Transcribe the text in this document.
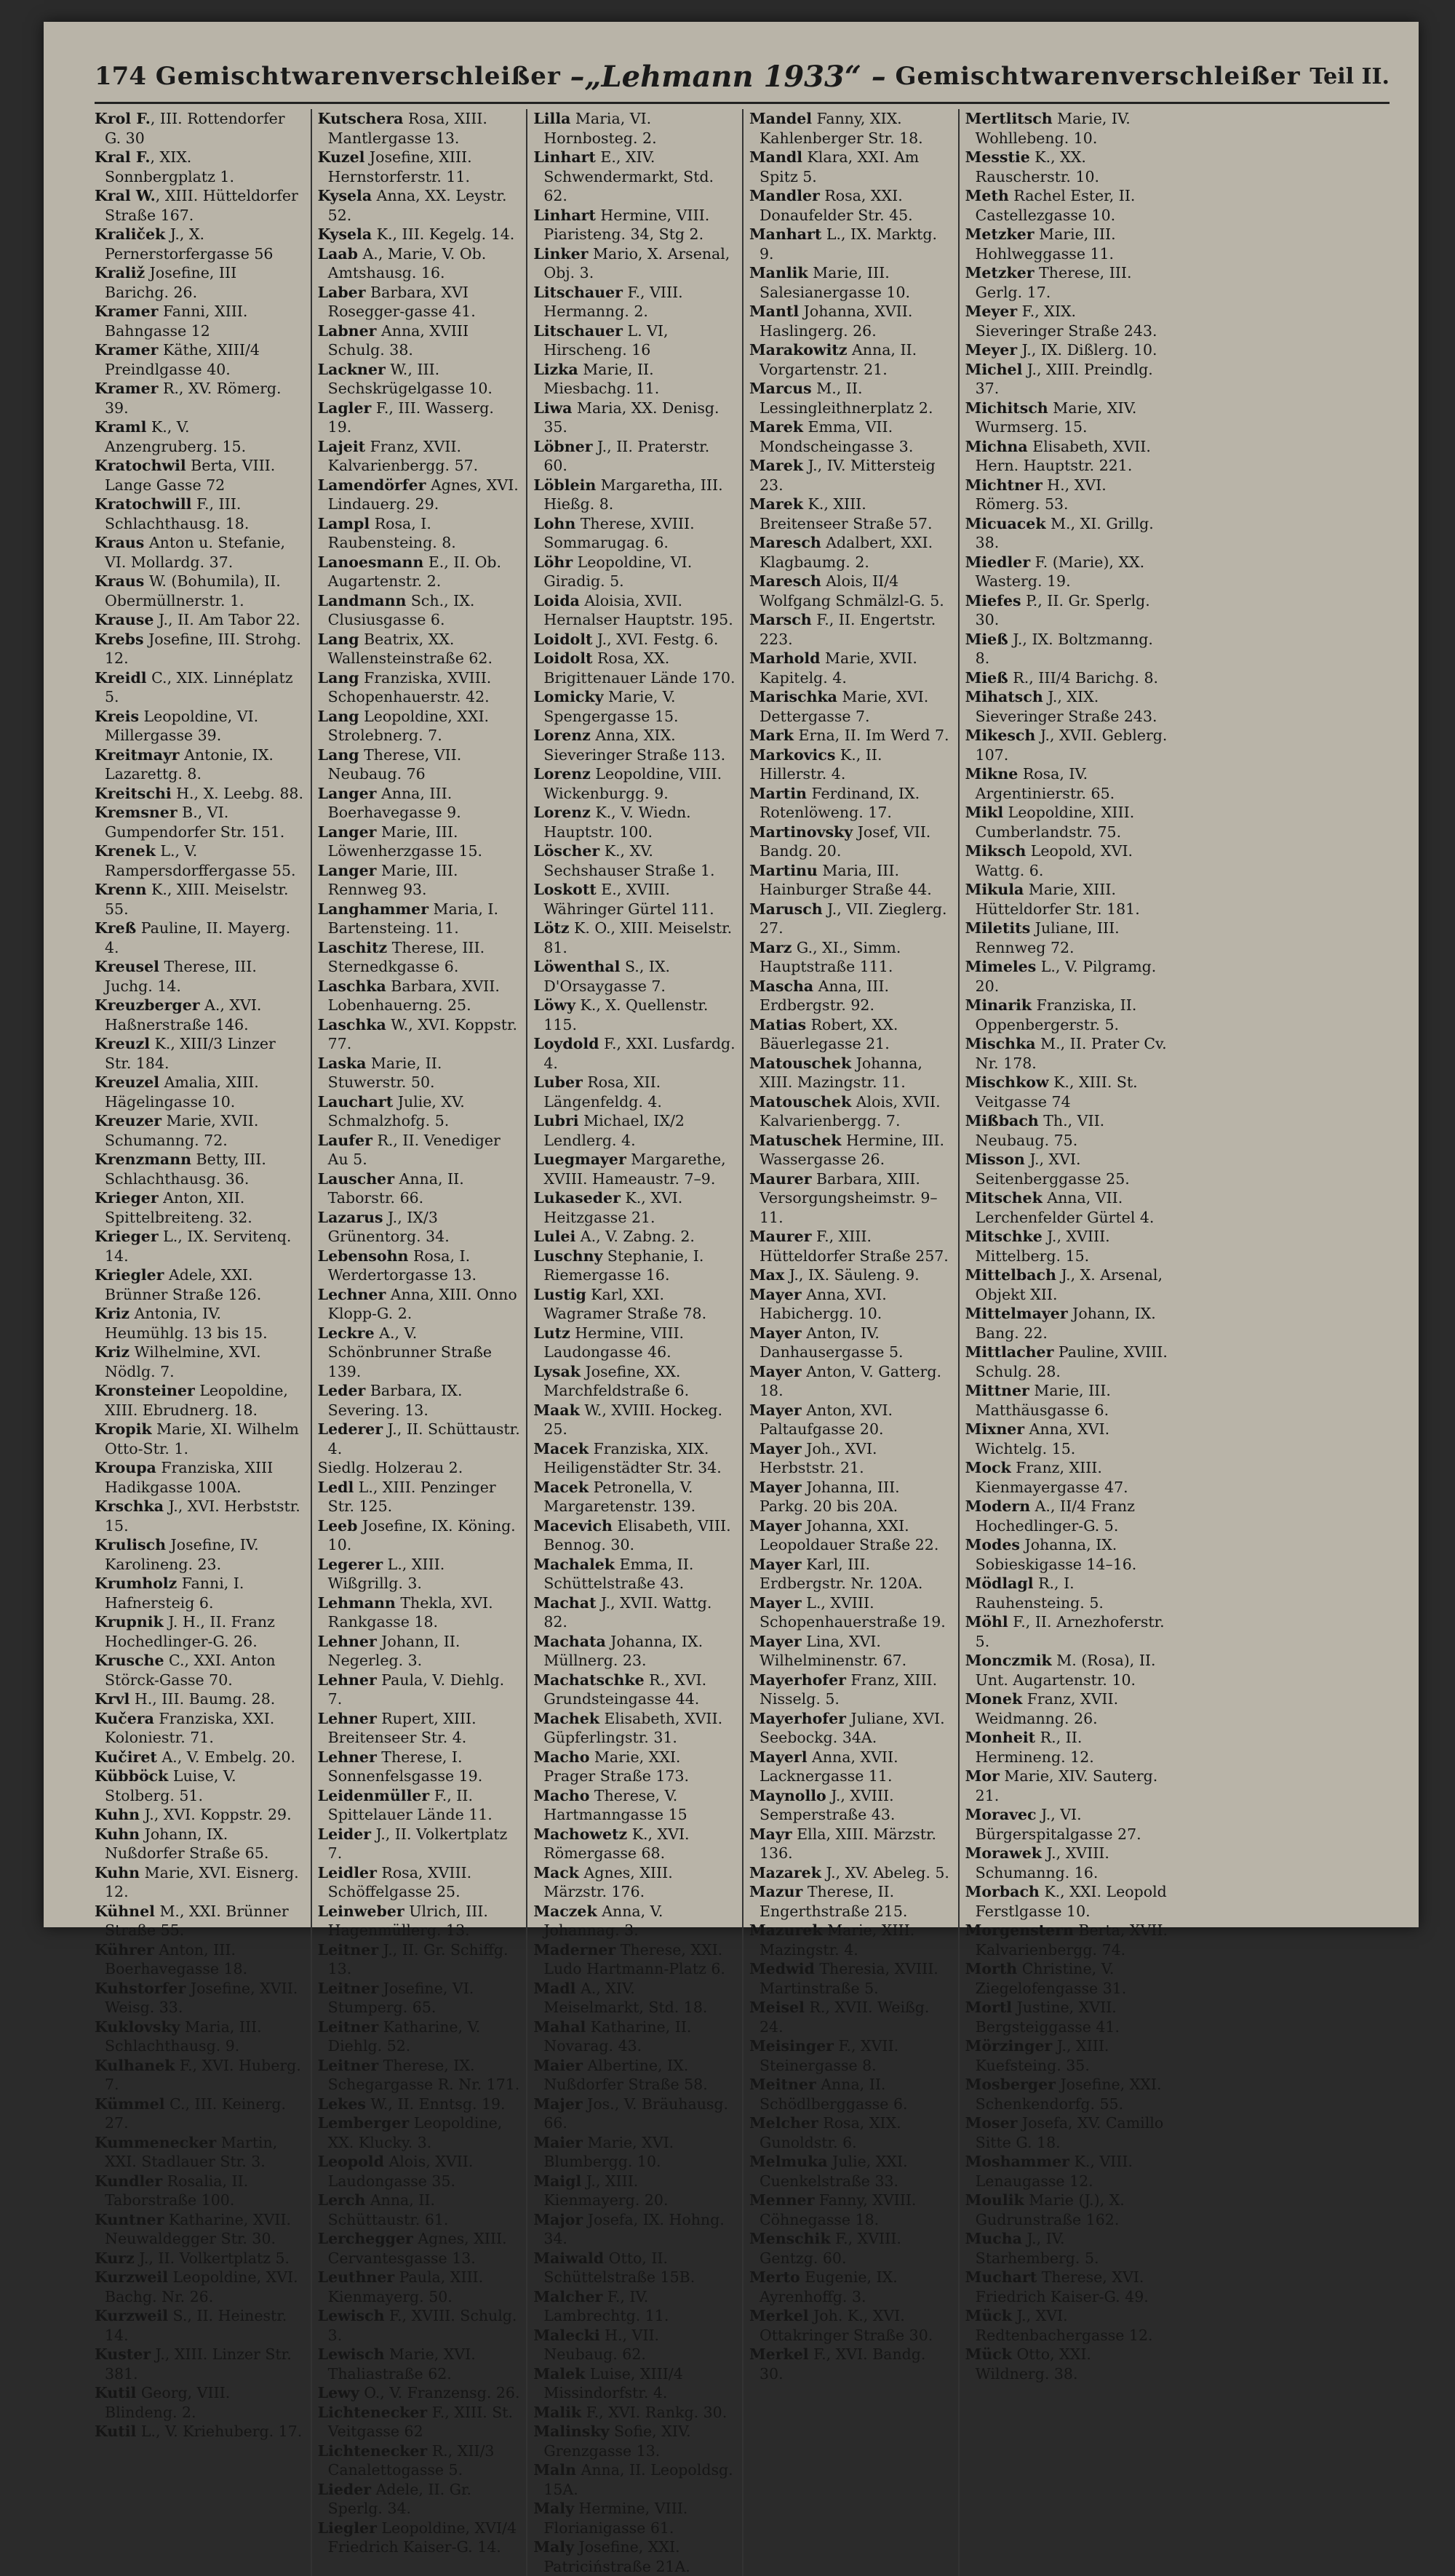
174 Gemischtwarenverschleißer –„Lehmann 1933“ – Gemischtwarenverschleißer Teil II.
Krol F., III. Rottendorfer G. 30
Kral F., XIX. Sonnbergplatz 1.
Kral W., XIII. Hütteldorfer Straße 167.
Kraliček J., X. Pernerstorfergasse 56
Kraliž Josefine, III Barichg. 26.
Kramer Fanni, XIII. Bahngasse 12
Kramer Käthe, XIII/4 Preindlgasse 40.
Kramer R., XV. Römerg. 39.
Kraml K., V. Anzengruberg. 15.
Kratochwil Berta, VIII. Lange Gasse 72
Kratochwill F., III. Schlachthausg. 18.
Kraus Anton u. Stefanie, VI. Mollardg. 37.
Kraus W. (Bohumila), II. Obermüllnerstr. 1.
Krause J., II. Am Tabor 22.
Krebs Josefine, III. Strohg. 12.
Kreidl C., XIX. Linnéplatz 5.
Kreis Leopoldine, VI. Millergasse 39.
Kreitmayr Antonie, IX. Lazarettg. 8.
Kreitschi H., X. Leebg. 88.
Kremsner B., VI. Gumpendorfer Str. 151.
Krenek L., V. Rampersdorffergasse 55.
Krenn K., XIII. Meiselstr. 55.
Kreß Pauline, II. Mayerg. 4.
Kreusel Therese, III. Juchg. 14.
Kreuzberger A., XVI. Haßnerstraße 146.
Kreuzl K., XIII/3 Linzer Str. 184.
Kreuzel Amalia, XIII. Hägelingasse 10.
Kreuzer Marie, XVII. Schumanng. 72.
Krenzmann Betty, III. Schlachthausg. 36.
Krieger Anton, XII. Spittelbreiteng. 32.
Krieger L., IX. Servitenq. 14.
Kriegler Adele, XXI. Brünner Straße 126.
Kriz Antonia, IV. Heumühlg. 13 bis 15.
Kriz Wilhelmine, XVI. Nödlg. 7.
Kronsteiner Leopoldine, XIII. Ebrudnerg. 18.
Kropik Marie, XI. Wilhelm Otto-Str. 1.
Kroupa Franziska, XIII Hadikgasse 100A.
Krschka J., XVI. Herbststr. 15.
Krulisch Josefine, IV. Karolineng. 23.
Krumholz Fanni, I. Hafnersteig 6.
Krupnik J. H., II. Franz Hochedlinger-G. 26.
Krusche C., XXI. Anton Störck-Gasse 70.
Krvl H., III. Baumg. 28.
Kučera Franziska, XXI. Koloniestr. 71.
Kučiret A., V. Embelg. 20.
Kübböck Luise, V. Stolberg. 51.
Kuhn J., XVI. Koppstr. 29.
Kuhn Johann, IX. Nußdorfer Straße 65.
Kuhn Marie, XVI. Eisnerg. 12.
Kühnel M., XXI. Brünner Straße 55.
Kührer Anton, III. Boerhavegasse 18.
Kuhstorfer Josefine, XVII. Weisg. 33.
Kuklovsky Maria, III. Schlachthausg. 9.
Kulhanek F., XVI. Huberg. 7.
Kümmel C., III. Keinerg. 27.
Kummenecker Martin, XXI. Stadlauer Str. 3.
Kundler Rosalia, II. Taborstraße 100.
Kuntner Katharine, XVII. Neuwaldegger Str. 30.
Kurz J., II. Volkertplatz 5.
Kurzweil Leopoldine, XVI. Bachg. Nr. 26.
Kurzweil S., II. Heinestr. 14.
Kuster J., XIII. Linzer Str. 381.
Kutil Georg, VIII. Blindeng. 2.
Kutil L., V. Kriehuberg. 17.
Kutschera Rosa, XIII. Mantlergasse 13.
Kuzel Josefine, XIII. Hernstorferstr. 11.
Kysela Anna, XX. Leystr. 52.
Kysela K., III. Kegelg. 14.
Laab A., Marie, V. Ob. Amtshausg. 16.
Laber Barbara, XVI Rosegger-gasse 41.
Labner Anna, XVIII Schulg. 38.
Lackner W., III. Sechskrügelgasse 10.
Lagler F., III. Wasserg. 19.
Lajeit Franz, XVII. Kalvarienbergg. 57.
Lamendörfer Agnes, XVI. Lindauerg. 29.
Lampl Rosa, I. Raubensteing. 8.
Lanoesmann E., II. Ob. Augartenstr. 2.
Landmann Sch., IX. Clusiusgasse 6.
Lang Beatrix, XX. Wallensteinstraße 62.
Lang Franziska, XVIII. Schopenhauerstr. 42.
Lang Leopoldine, XXI. Strolebnerg. 7.
Lang Therese, VII. Neubaug. 76
Langer Anna, III. Boerhavegasse 9.
Langer Marie, III. Löwenherzgasse 15.
Langer Marie, III. Rennweg 93.
Langhammer Maria, I. Bartensteing. 11.
Laschitz Therese, III. Sternedkgasse 6.
Laschka Barbara, XVII. Lobenhauerng. 25.
Laschka W., XVI. Koppstr. 77.
Laska Marie, II. Stuwerstr. 50.
Lauchart Julie, XV. Schmalzhofg. 5.
Laufer R., II. Venediger Au 5.
Lauscher Anna, II. Taborstr. 66.
Lazarus J., IX/3 Grünentorg. 34.
Lebensohn Rosa, I. Werdertorgasse 13.
Lechner Anna, XIII. Onno Klopp-G. 2.
Leckre A., V. Schönbrunner Straße 139.
Leder Barbara, IX. Severing. 13.
Lederer J., II. Schüttaustr. 4.
Siedlg. Holzerau 2.
Ledl L., XIII. Penzinger Str. 125.
Leeb Josefine, IX. Köning. 10.
Legerer L., XIII. Wißgrillg. 3.
Lehmann Thekla, XVI. Rankgasse 18.
Lehner Johann, II. Negerleg. 3.
Lehner Paula, V. Diehlg. 7.
Lehner Rupert, XIII. Breitenseer Str. 4.
Lehner Therese, I. Sonnenfelsgasse 19.
Leidenmüller F., II. Spittelauer Lände 11.
Leider J., II. Volkertplatz 7.
Leidler Rosa, XVIII. Schöffelgasse 25.
Leinweber Ulrich, III. Hagenmüllerg. 13.
Leitner J., II. Gr. Schiffg. 13.
Leitner Josefine, VI. Stumperg. 65.
Leitner Katharine, V. Diehlg. 52.
Leitner Therese, IX. Schegargasse R. Nr. 171.
Lekes W., II. Enntsg. 19.
Lemberger Leopoldine, XX. Klucky. 3.
Leopold Alois, XVII. Laudongasse 35.
Lerch Anna, II. Schüttaustr. 61.
Lerchegger Agnes, XIII. Cervantesgasse 13.
Leuthner Paula, XIII. Kienmayerg. 50.
Lewisch F., XVIII. Schulg. 3.
Lewisch Marie, XVI. Thaliastraße 62.
Lewy O., V. Franzensg. 26.
Lichtenecker F., XIII. St. Veitgasse 62
Lichtenecker R., XII/3 Canalettogasse 5.
Lieder Adele, II. Gr. Sperlg. 34.
Liegler Leopoldine, XVI/4 Friedrich Kaiser-G. 14.
Lilla Maria, VI. Hornbosteg. 2.
Linhart E., XIV. Schwendermarkt, Std. 62.
Linhart Hermine, VIII. Piaristeng. 34, Stg 2.
Linker Mario, X. Arsenal, Obj. 3.
Litschauer F., VIII. Hermanng. 2.
Litschauer L. VI, Hirscheng. 16
Lizka Marie, II. Miesbachg. 11.
Liwa Maria, XX. Denisg. 35.
Löbner J., II. Praterstr. 60.
Löblein Margaretha, III. Hießg. 8.
Lohn Therese, XVIII. Sommarugag. 6.
Löhr Leopoldine, VI. Giradig. 5.
Loida Aloisia, XVII. Hernalser Hauptstr. 195.
Loidolt J., XVI. Festg. 6.
Loidolt Rosa, XX. Brigittenauer Lände 170.
Lomicky Marie, V. Spengergasse 15.
Lorenz Anna, XIX. Sieveringer Straße 113.
Lorenz Leopoldine, VIII. Wickenburgg. 9.
Lorenz K., V. Wiedn. Hauptstr. 100.
Löscher K., XV. Sechshauser Straße 1.
Loskott E., XVIII. Währinger Gürtel 111.
Lötz K. O., XIII. Meiselstr. 81.
Löwenthal S., IX. D'Orsaygasse 7.
Löwy K., X. Quellenstr. 115.
Loydold F., XXI. Lusfardg. 4.
Luber Rosa, XII. Längenfeldg. 4.
Lubri Michael, IX/2 Lendlerg. 4.
Luegmayer Margarethe, XVIII. Hameaustr. 7–9.
Lukaseder K., XVI. Heitzgasse 21.
Lulei A., V. Zabng. 2.
Luschny Stephanie, I. Riemergasse 16.
Lustig Karl, XXI. Wagramer Straße 78.
Lutz Hermine, VIII. Laudongasse 46.
Lysak Josefine, XX. Marchfeldstraße 6.
Maak W., XVIII. Hockeg. 25.
Macek Franziska, XIX. Heiligenstädter Str. 34.
Macek Petronella, V. Margaretenstr. 139.
Macevich Elisabeth, VIII. Bennog. 30.
Machalek Emma, II. Schüttelstraße 43.
Machat J., XVII. Wattg. 82.
Machata Johanna, IX. Müllnerg. 23.
Machatschke R., XVI. Grundsteingasse 44.
Machek Elisabeth, XVII. Güpferlingstr. 31.
Macho Marie, XXI. Prager Straße 173.
Macho Therese, V. Hartmanngasse 15
Machowetz K., XVI. Römergasse 68.
Mack Agnes, XIII. Märzstr. 176.
Maczek Anna, V. Johannag. 3.
Maderner Therese, XXI. Ludo Hartmann-Platz 6.
Madl A., XIV. Meiselmarkt, Std. 18.
Mahal Katharine, II. Novarag. 43.
Maier Albertine, IX. Nußdorfer Straße 58.
Majer Jos., V. Bräuhausg. 66.
Maier Marie, XVI. Blumbergg. 10.
Maigl J., XIII. Kienmayerg. 20.
Major Josefa, IX. Hohng. 34.
Maiwald Otto, II. Schüttelstraße 15B.
Malcher F., IV. Lambrechtg. 11.
Malecki H., VII. Neubaug. 62.
Malek Luise, XIII/4 Missindorfstr. 4.
Malik F., XVI. Rankg. 30.
Malinsky Sofie, XIV. Grenzgasse 13.
Maln Anna, II. Leopoldsg. 15A.
Maly Hermine, VIII. Florianigasse 61.
Maly Josefine, XXI. Patriciństraße 21A.
Mandel Fanny, XIX. Kahlenberger Str. 18.
Mandl Klara, XXI. Am Spitz 5.
Mandler Rosa, XXI. Donaufelder Str. 45.
Manhart L., IX. Marktg. 9.
Manlik Marie, III. Salesianergasse 10.
Mantl Johanna, XVII. Haslingerg. 26.
Marakowitz Anna, II. Vorgartenstr. 21.
Marcus M., II. Lessingleithnerplatz 2.
Marek Emma, VII. Mondscheingasse 3.
Marek J., IV. Mittersteig 23.
Marek K., XIII. Breitenseer Straße 57.
Maresch Adalbert, XXI. Klagbaumg. 2.
Maresch Alois, II/4 Wolfgang Schmälzl-G. 5.
Marsch F., II. Engertstr. 223.
Marhold Marie, XVII. Kapitelg. 4.
Marischka Marie, XVI. Dettergasse 7.
Mark Erna, II. Im Werd 7.
Markovics K., II. Hillerstr. 4.
Martin Ferdinand, IX. Rotenlöweng. 17.
Martinovsky Josef, VII. Bandg. 20.
Martinu Maria, III. Hainburger Straße 44.
Marusch J., VII. Zieglerg. 27.
Marz G., XI., Simm. Hauptstraße 111.
Mascha Anna, III. Erdbergstr. 92.
Matias Robert, XX. Bäuerlegasse 21.
Matouschek Johanna, XIII. Mazingstr. 11.
Matouschek Alois, XVII. Kalvarienbergg. 7.
Matuschek Hermine, III. Wassergasse 26.
Maurer Barbara, XIII. Versorgungsheimstr. 9–11.
Maurer F., XIII. Hütteldorfer Straße 257.
Max J., IX. Säuleng. 9.
Mayer Anna, XVI. Habichergg. 10.
Mayer Anton, IV. Danhausergasse 5.
Mayer Anton, V. Gatterg. 18.
Mayer Anton, XVI. Paltaufgasse 20.
Mayer Joh., XVI. Herbststr. 21.
Mayer Johanna, III. Parkg. 20 bis 20A.
Mayer Johanna, XXI. Leopoldauer Straße 22.
Mayer Karl, III. Erdbergstr. Nr. 120A.
Mayer L., XVIII. Schopenhauerstraße 19.
Mayer Lina, XVI. Wilhelminenstr. 67.
Mayerhofer Franz, XIII. Nisselg. 5.
Mayerhofer Juliane, XVI. Seebockg. 34A.
Mayerl Anna, XVII. Lacknergasse 11.
Maynollo J., XVIII. Semperstraße 43.
Mayr Ella, XIII. Märzstr. 136.
Mazarek J., XV. Abeleg. 5.
Mazur Therese, II. Engerthstraße 215.
Mazurek Marie, XIII. Mazingstr. 4.
Medwid Theresia, XVIII. Martinstraße 5.
Meisel R., XVII. Weißg. 24.
Meisinger F., XVII. Steinergasse 8.
Meitner Anna, II. Schödlberggasse 6.
Melcher Rosa, XIX. Gunoldstr. 6.
Melmuka Julie, XXI. Cuenkelstraße 33.
Menner Fanny, XVIII. Cöhnegasse 18.
Menschik F., XVIII. Gentzg. 60.
Merto Eugenie, IX. Ayrenhoffg. 3.
Merkel Joh. K., XVI. Ottakringer Straße 30.
Merkel F., XVI. Bandg. 30.
Mertlitsch Marie, IV. Wohllebeng. 10.
Messtie K., XX. Rauscherstr. 10.
Meth Rachel Ester, II. Castellezgasse 10.
Metzker Marie, III. Hohlweggasse 11.
Metzker Therese, III. Gerlg. 17.
Meyer F., XIX. Sieveringer Straße 243.
Meyer J., IX. Dißlerg. 10.
Michel J., XIII. Preindlg. 37.
Michitsch Marie, XIV. Wurmserg. 15.
Michna Elisabeth, XVII. Hern. Hauptstr. 221.
Michtner H., XVI. Römerg. 53.
Micuacek M., XI. Grillg. 38.
Miedler F. (Marie), XX. Wasterg. 19.
Miefes P., II. Gr. Sperlg. 30.
Mieß J., IX. Boltzmanng. 8.
Mieß R., III/4 Barichg. 8.
Mihatsch J., XIX. Sieveringer Straße 243.
Mikesch J., XVII. Geblerg. 107.
Mikne Rosa, IV. Argentinierstr. 65.
Mikl Leopoldine, XIII. Cumberlandstr. 75.
Miksch Leopold, XVI. Wattg. 6.
Mikula Marie, XIII. Hütteldorfer Str. 181.
Miletits Juliane, III. Rennweg 72.
Mimeles L., V. Pilgramg. 20.
Minarik Franziska, II. Oppenbergerstr. 5.
Mischka M., II. Prater Cv. Nr. 178.
Mischkow K., XIII. St. Veitgasse 74
Mißbach Th., VII. Neubaug. 75.
Misson J., XVI. Seitenberggasse 25.
Mitschek Anna, VII. Lerchenfelder Gürtel 4.
Mitschke J., XVIII. Mittelberg. 15.
Mittelbach J., X. Arsenal, Objekt XII.
Mittelmayer Johann, IX. Bang. 22.
Mittlacher Pauline, XVIII. Schulg. 28.
Mittner Marie, III. Matthäusgasse 6.
Mixner Anna, XVI. Wichtelg. 15.
Mock Franz, XIII. Kienmayergasse 47.
Modern A., II/4 Franz Hochedlinger-G. 5.
Modes Johanna, IX. Sobieskigasse 14–16.
Mödlagl R., I. Rauhensteing. 5.
Möhl F., II. Arnezhoferstr. 5.
Monczmik M. (Rosa), II. Unt. Augartenstr. 10.
Monek Franz, XVII. Weidmanng. 26.
Monheit R., II. Hermineng. 12.
Mor Marie, XIV. Sauterg. 21.
Moravec J., VI. Bürgerspitalgasse 27.
Morawek J., XVIII. Schumanng. 16.
Morbach K., XXI. Leopold Ferstlgasse 10.
Morgenstern Berta, XVII. Kalvarienbergg. 74.
Morth Christine, V. Ziegelofengasse 31.
Mortl Justine, XVII. Bergsteiggasse 41.
Mörzinger J., XIII. Kuefsteing. 35.
Mosberger Josefine, XXI. Schenkendorfg. 55.
Moser Josefa, XV. Camillo Sitte G. 18.
Moshammer K., VIII. Lenaugasse 12.
Moulik Marie (J.), X. Gudrunstraße 162.
Mucha J., IV. Starhemberg. 5.
Muchart Therese, XVI. Friedrich Kaiser-G. 49.
Mück J., XVI. Redtenbachergasse 12.
Mück Otto, XXI. Wildnerg. 38.
